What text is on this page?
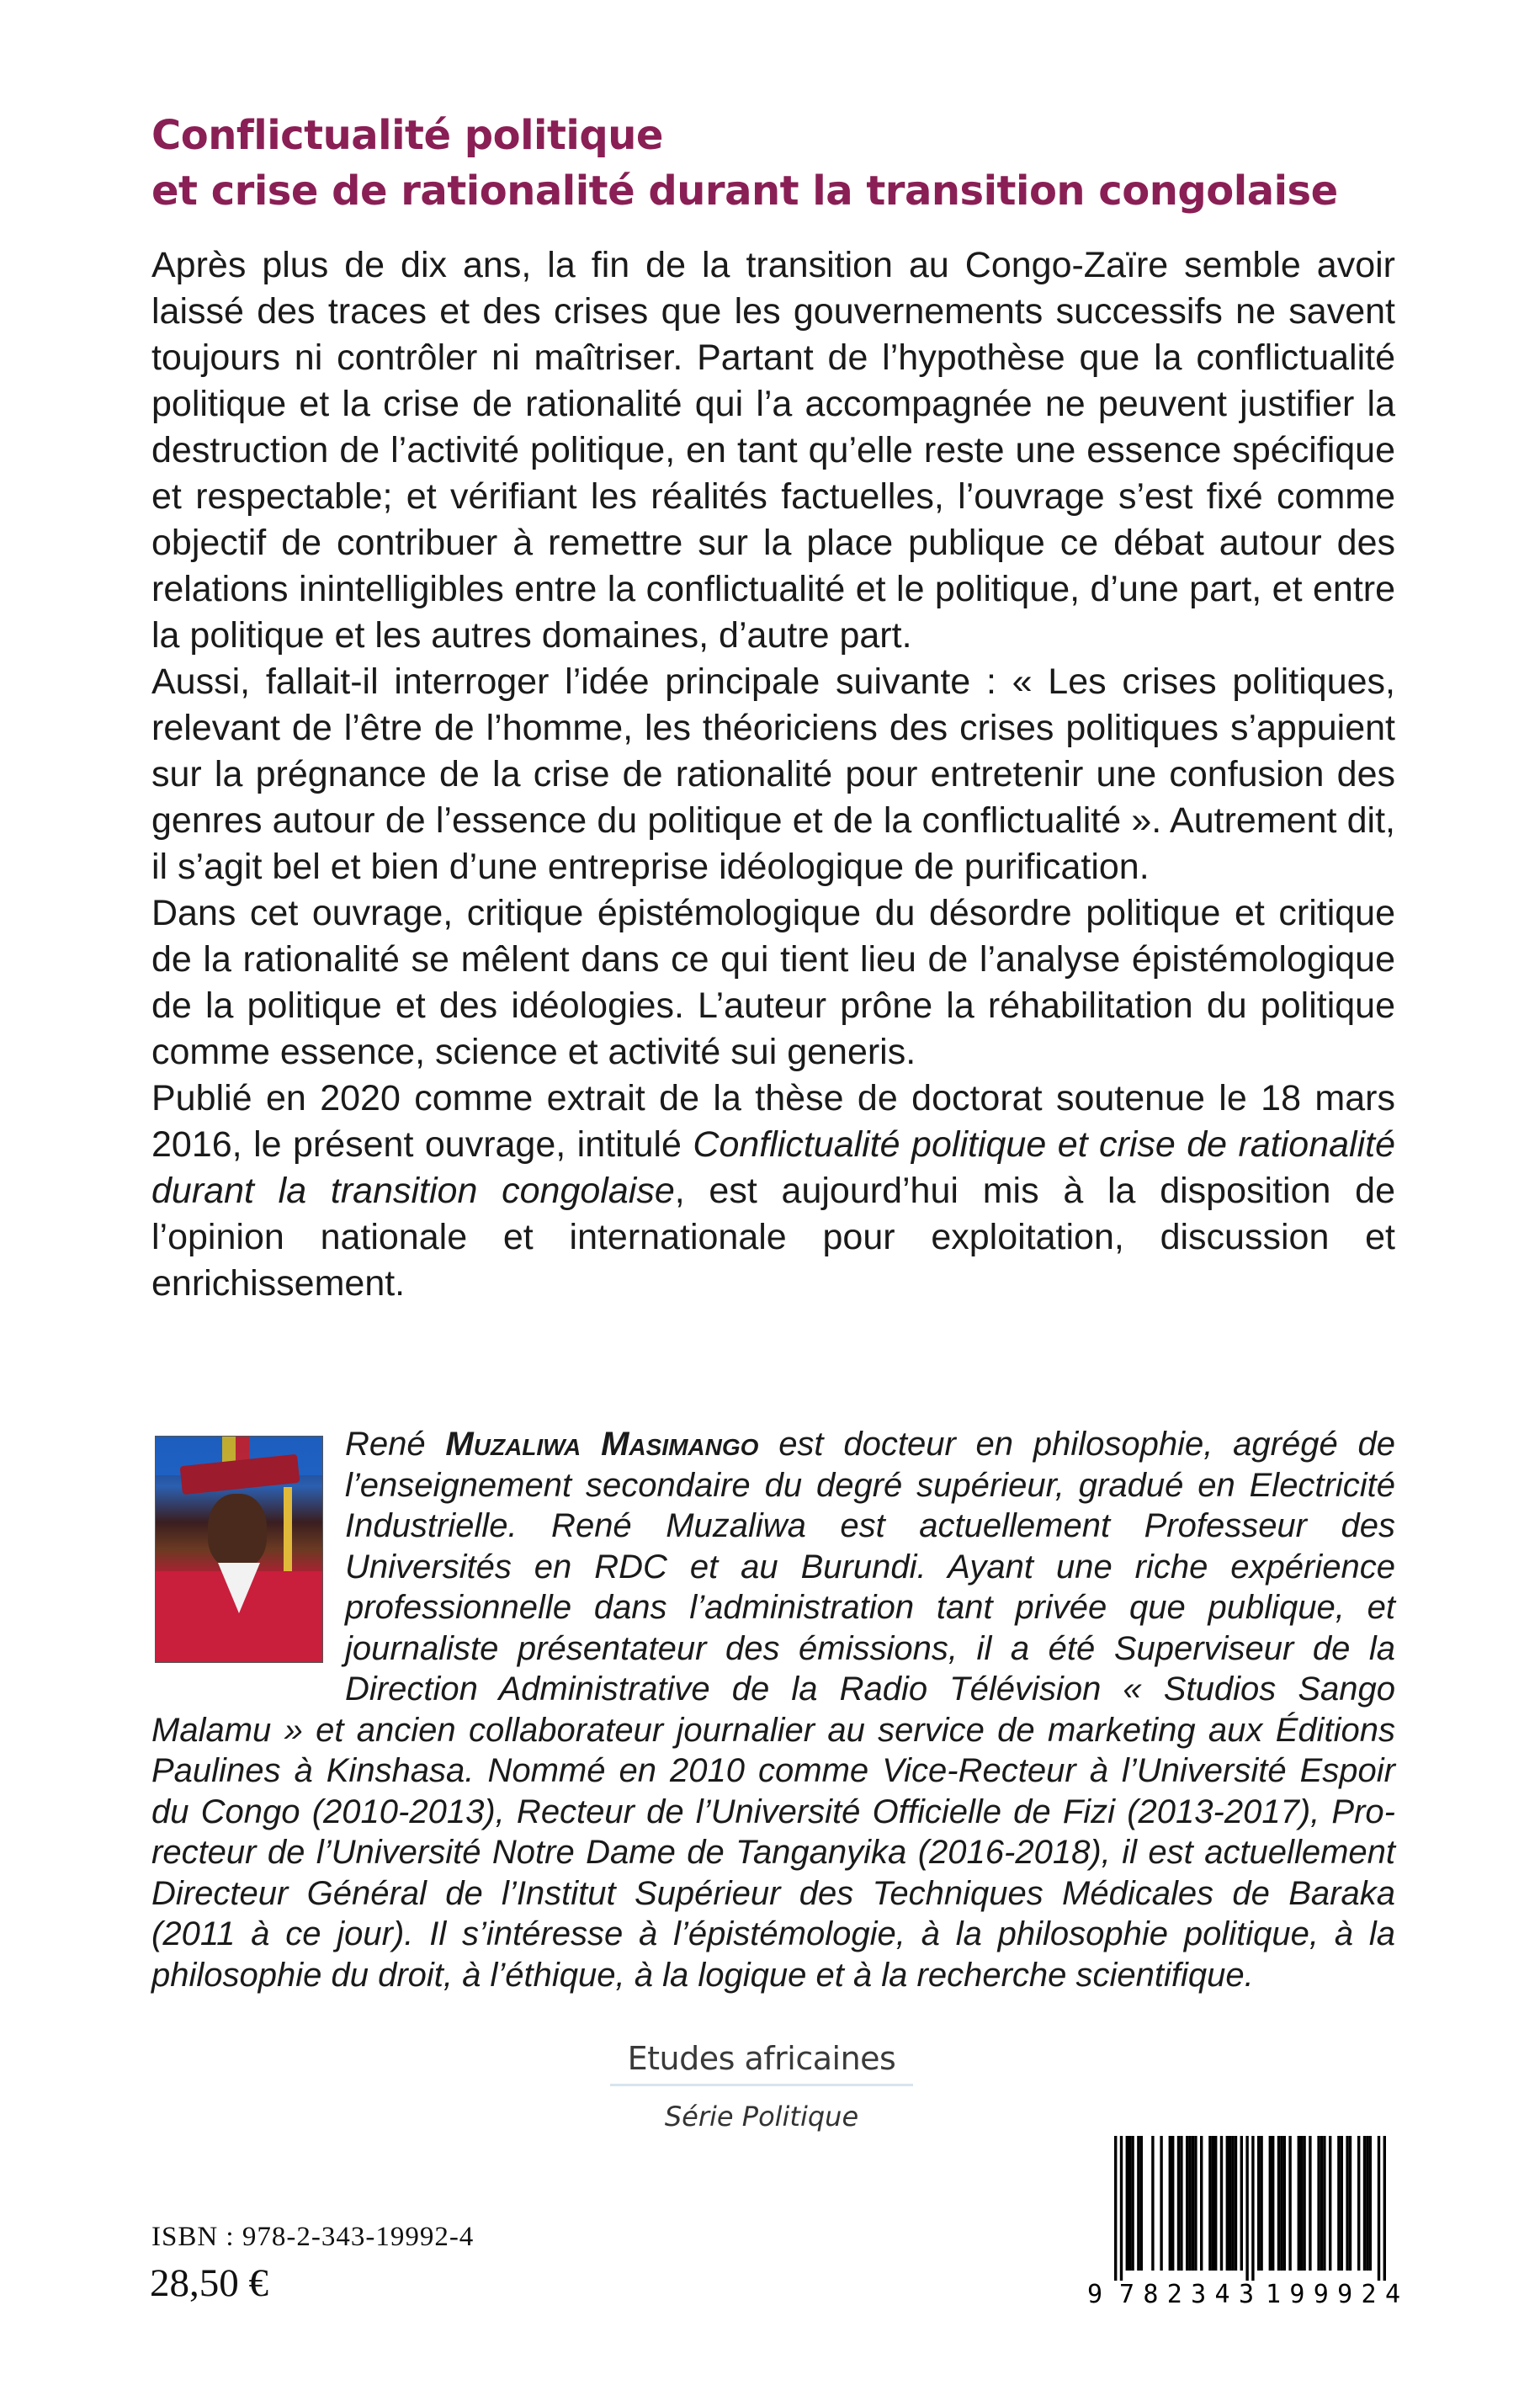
Conflictualité politique
et crise de rationalité durant la transition congolaise

Après plus de dix ans, la fin de la transition au Congo-Zaïre semble avoir laissé des traces et des crises que les gouvernements successifs ne savent toujours ni contrôler ni maîtriser. Partant de l’hypothèse que la conflictualité politique et la crise de rationalité qui l’a accompagnée ne peuvent justifier la destruction de l’activité politique, en tant qu’elle reste une essence spécifique et respectable; et vérifiant les réalités factuelles, l’ouvrage s’est fixé comme objectif de contribuer à remettre sur la place publique ce débat autour des relations inintelligibles entre la conflictualité et le politique, d’une part, et entre la politique et les autres domaines, d’autre part.

Aussi, fallait-il interroger l’idée principale suivante : « Les crises politiques, relevant de l’être de l’homme, les théoriciens des crises politiques s’appuient sur la prégnance de la crise de rationalité pour entretenir une confusion des genres autour de l’essence du politique et de la conflictualité ». Autrement dit, il s’agit bel et bien d’une entreprise idéologique de purification.

Dans cet ouvrage, critique épistémologique du désordre politique et critique de la rationalité se mêlent dans ce qui tient lieu de l’analyse épistémologique de la politique et des idéologies. L’auteur prône la réhabilitation du politique comme essence, science et activité sui generis.

Publié en 2020 comme extrait de la thèse de doctorat soutenue le 18 mars 2016, le présent ouvrage, intitulé Conflictualité politique et crise de rationalité durant la transition congolaise, est aujourd’hui mis à la disposition de l’opinion nationale et internationale pour exploitation, discussion et enrichissement.

René Muzaliwa Masimango est docteur en philosophie, agrégé de l’enseignement secondaire du degré supérieur, gradué en Electricité Industrielle. René Muzaliwa est actuellement Professeur des Universités en RDC et au Burundi. Ayant une riche expérience professionnelle dans l’administration tant privée que publique, et journaliste présentateur des émissions, il a été Superviseur de la Direction Administrative de la Radio Télévision « Studios Sango Malamu » et ancien collaborateur journalier au service de marketing aux Éditions Paulines à Kinshasa. Nommé en 2010 comme Vice-Recteur à l’Université Espoir du Congo (2010-2013), Recteur de l’Université Officielle de Fizi (2013-2017), Pro-recteur de l’Université Notre Dame de Tanganyika (2016-2018), il est actuellement Directeur Général de l’Institut Supérieur des Techniques Médicales de Baraka (2011 à ce jour). Il s’intéresse à l’épistémologie, à la philosophie politique, à la philosophie du droit, à l’éthique, à la logique et à la recherche scientifique.
Etudes africaines
Série Politique
ISBN : 978-2-343-19992-4
28,50 €	9 782343 199924
